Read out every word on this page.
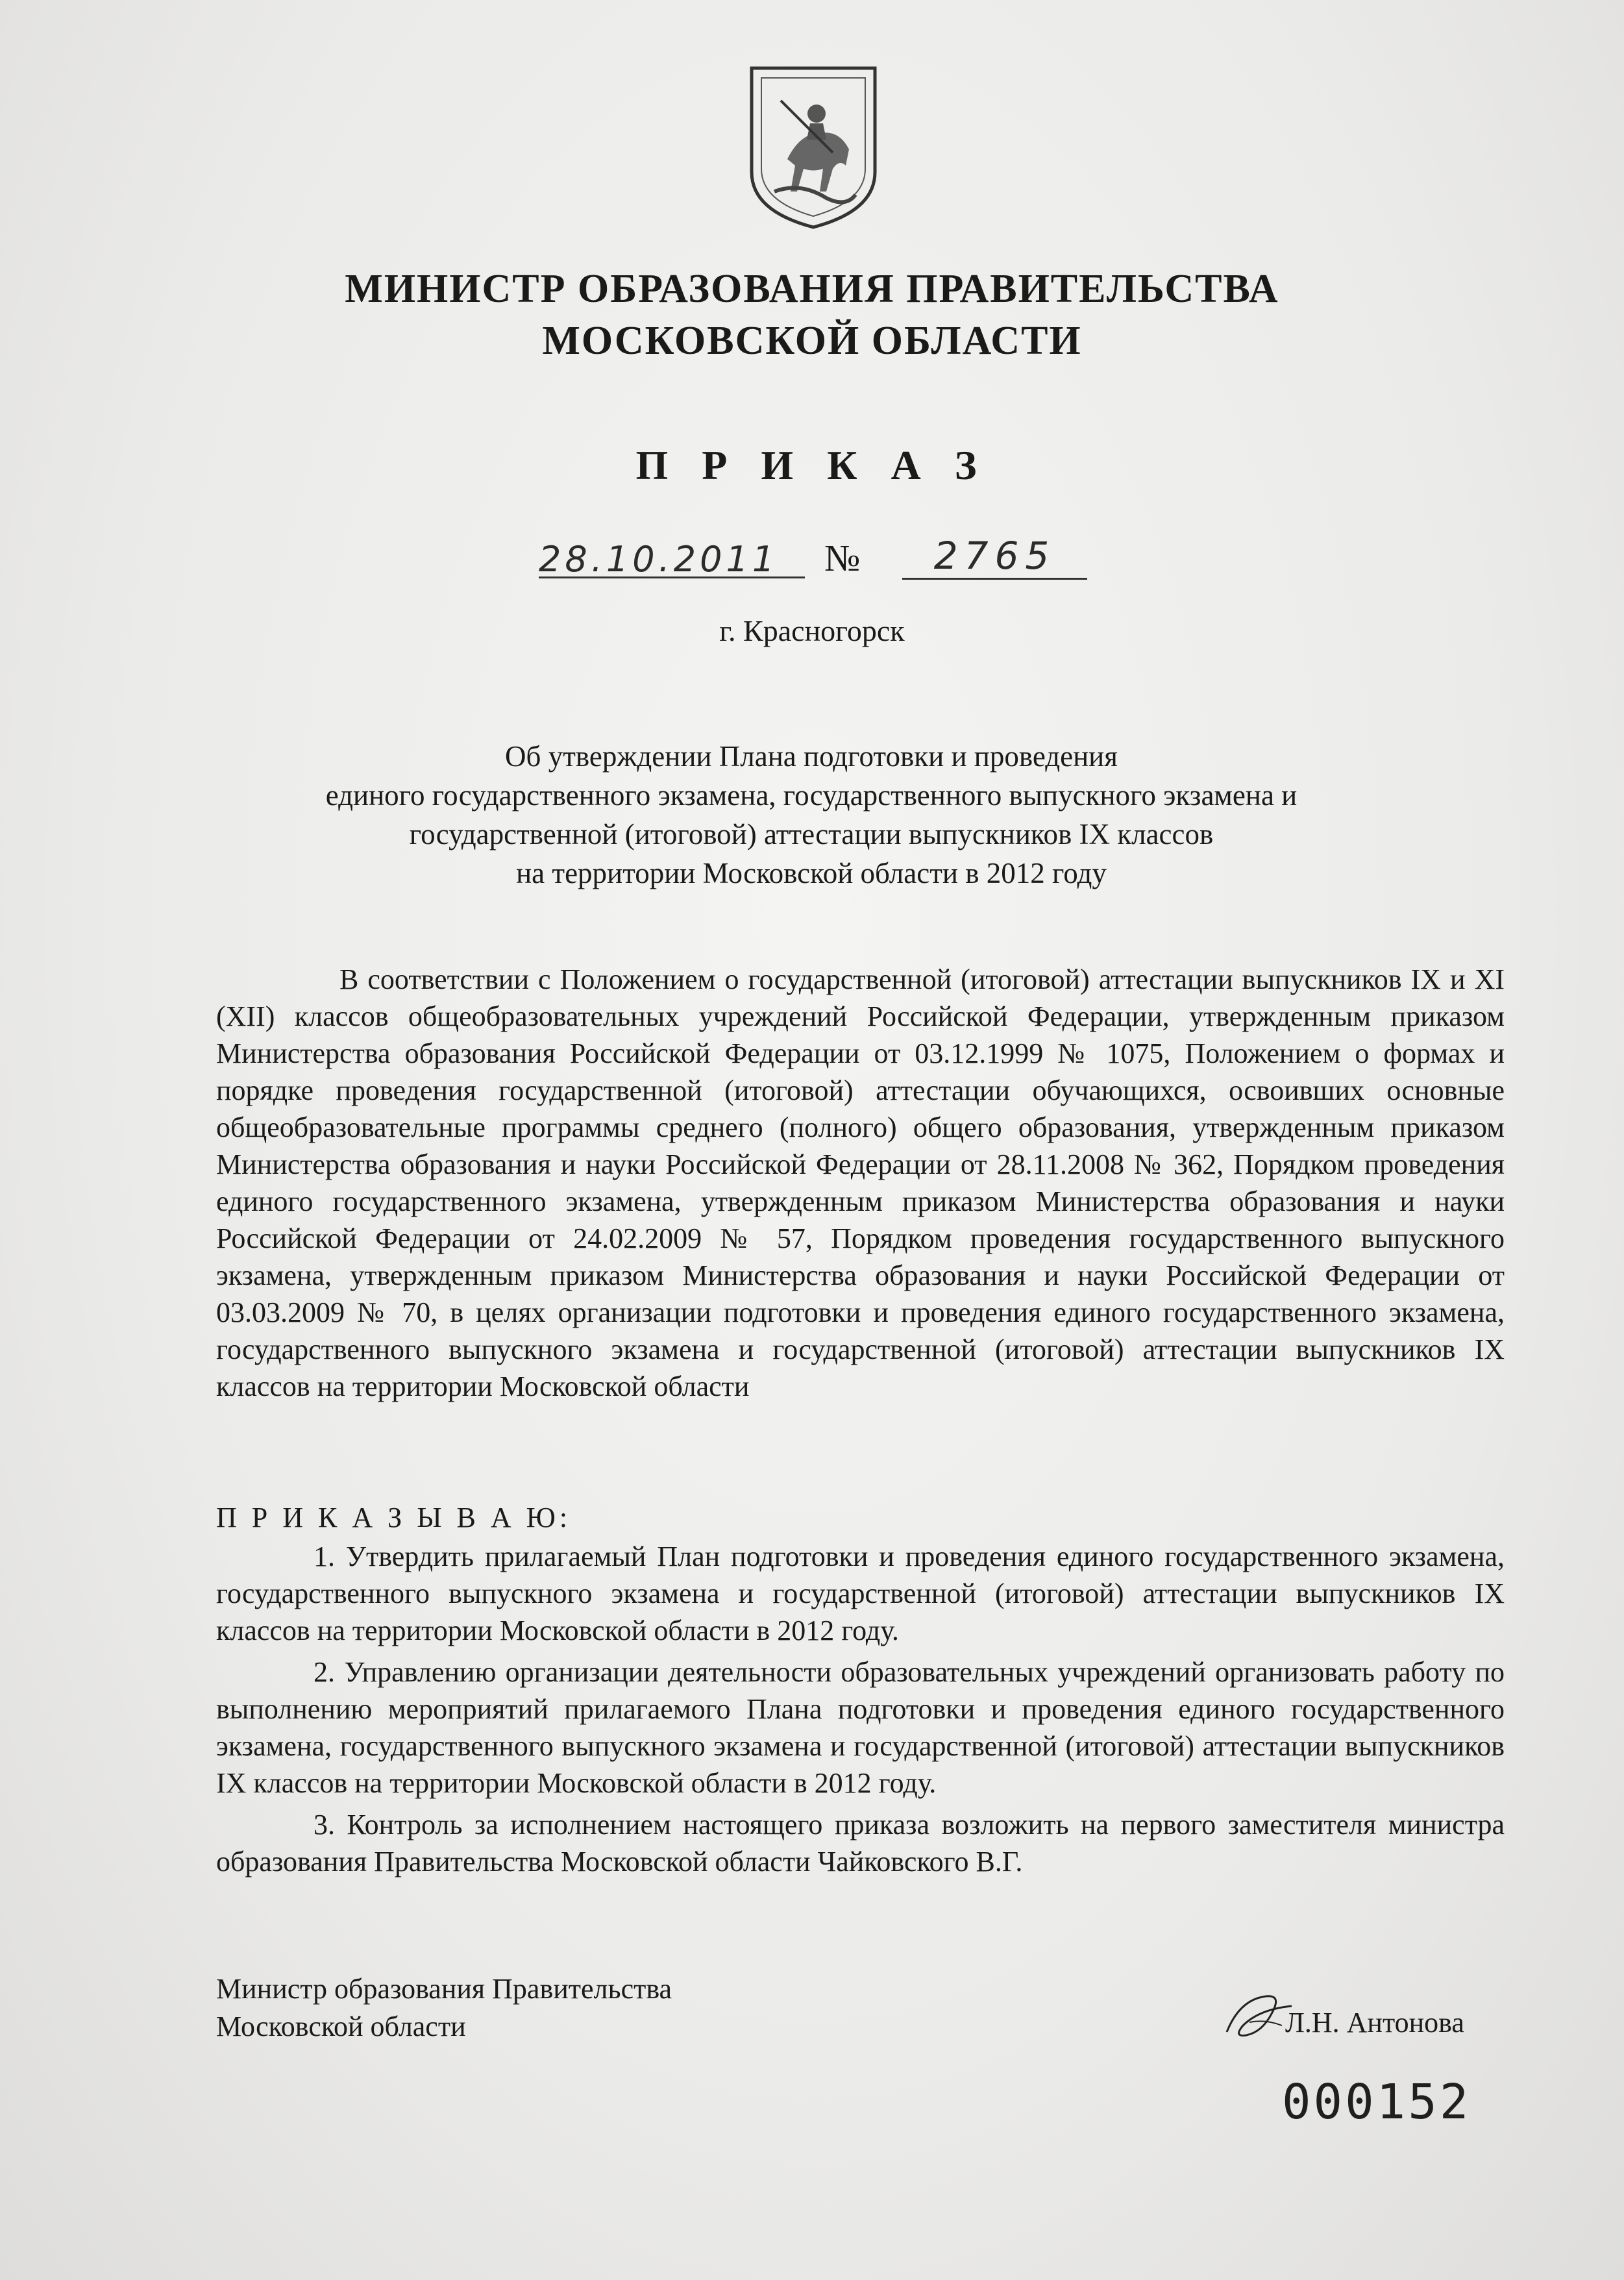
МИНИСТР ОБРАЗОВАНИЯ ПРАВИТЕЛЬСТВА
МОСКОВСКОЙ ОБЛАСТИ
П Р И К А З
28.10.2011 №	2765
г. Красногорск
Об утверждении Плана подготовки и проведения
единого государственного экзамена, государственного выпускного экзамена и
государственной (итоговой) аттестации выпускников IX классов
на территории Московской области в 2012 году
В соответствии с Положением о государственной (итоговой) аттестации выпускников IX и XI (XII) классов общеобразовательных учреждений Российской Федерации, утвержденным приказом Министерства образования Российской Федерации от 03.12.1999 № 1075, Положением о формах и порядке проведения государственной (итоговой) аттестации обучающихся, освоивших основные общеобразовательные программы среднего (полного) общего образования, утвержденным приказом Министерства образования и науки Российской Федерации от 28.11.2008 № 362, Порядком проведения единого государственного экзамена, утвержденным приказом Министерства образования и науки Российской Федерации от 24.02.2009 № 57, Порядком проведения государственного выпускного экзамена, утвержденным приказом Министерства образования и науки Российской Федерации от 03.03.2009 № 70, в целях организации подготовки и проведения единого государственного экзамена, государственного выпускного экзамена и государственной (итоговой) аттестации выпускников IX классов на территории Московской области
П Р И К А З Ы В А Ю:

1. Утвердить прилагаемый План подготовки и проведения единого государственного экзамена, государственного выпускного экзамена и государственной (итоговой) аттестации выпускников IX классов на территории Московской области в 2012 году.

2. Управлению организации деятельности образовательных учреждений организовать работу по выполнению мероприятий прилагаемого Плана подготовки и проведения единого государственного экзамена, государственного выпускного экзамена и государственной (итоговой) аттестации выпускников IX классов на территории Московской области в 2012 году.

3. Контроль за исполнением настоящего приказа возложить на первого заместителя министра образования Правительства Московской области Чайковского В.Г.

Министр образования Правительства
Московской области	Л.Н. Антонова
000152
